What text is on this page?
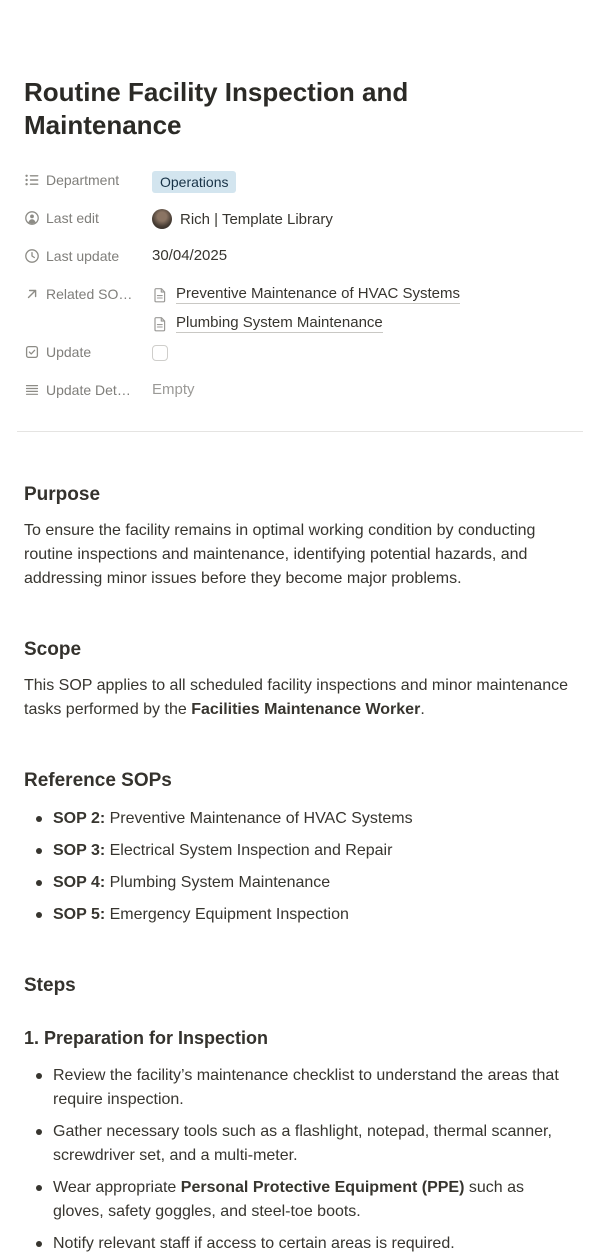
Routine Facility Inspection and Maintenance
Department	Operations
Last edit	Rich | Template Library
Last update 30/04/2025
Related SO…	Preventive Maintenance of HVAC Systems
Plumbing System Maintenance
Update
Update Det… Empty
Purpose

To ensure the facility remains in optimal working condition by conducting routine inspections and maintenance, identifying potential hazards, and addressing minor issues before they become major problems.

Scope

This SOP applies to all scheduled facility inspections and minor maintenance tasks performed by the Facilities Maintenance Worker.

Reference SOPs
SOP 2: Preventive Maintenance of HVAC Systems
SOP 3: Electrical System Inspection and Repair
SOP 4: Plumbing System Maintenance
SOP 5: Emergency Equipment Inspection
Steps
1. Preparation for Inspection
Review the facility’s maintenance checklist to understand the areas that require inspection.
Gather necessary tools such as a flashlight, notepad, thermal scanner, screwdriver set, and a multi-meter.
Wear appropriate Personal Protective Equipment (PPE) such as gloves, safety goggles, and steel-toe boots.
Notify relevant staff if access to certain areas is required.
